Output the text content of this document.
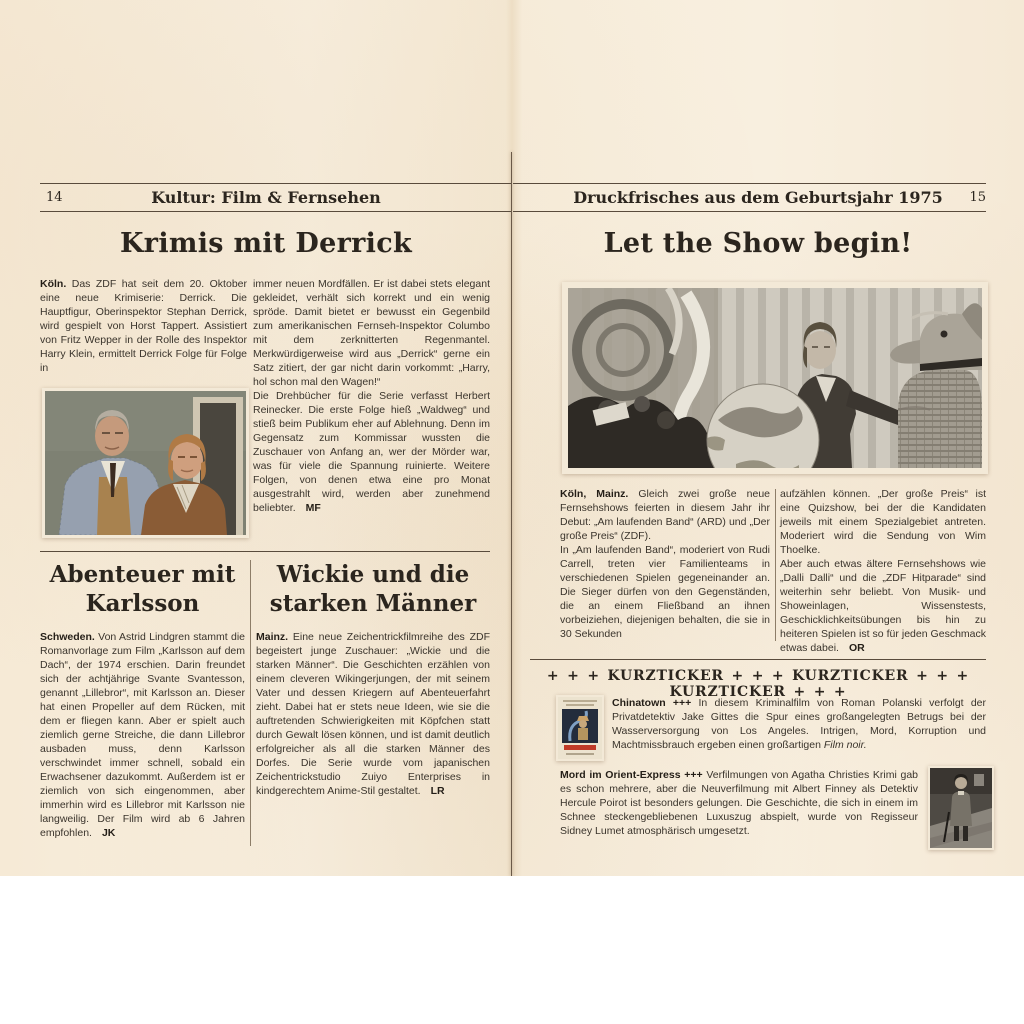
14	Kultur: Film & Fernsehen	Druckfrisches aus dem Geburtsjahr 1975	15
Krimis mit Derrick

Köln. Das ZDF hat seit dem 20. Oktober eine neue Krimiserie: Derrick. Die Hauptfigur, Oberinspektor Stephan Derrick, wird gespielt von Horst Tappert. Assistiert von Fritz Wepper in der Rolle des Inspektor Harry Klein, ermittelt Derrick Folge für Folge in

immer neuen Mordfällen. Er ist dabei stets elegant gekleidet, verhält sich korrekt und ein wenig spröde. Damit bietet er bewusst ein Gegenbild zum amerikanischen Fernseh-Inspektor Columbo mit dem zerknitterten Regenmantel. Merkwürdigerweise wird aus „Derrick“ gerne ein Satz zitiert, der gar nicht darin vorkommt: „Harry, hol schon mal den Wagen!“

Die Drehbücher für die Serie verfasst Herbert Reinecker. Die erste Folge hieß „Waldweg“ und stieß beim Publikum eher auf Ablehnung. Denn im Gegensatz zum Kommissar wussten die Zuschauer von Anfang an, wer der Mörder war, was für viele die Spannung ruinierte. Weitere Folgen, von denen etwa eine pro Monat ausgestrahlt wird, werden aber zunehmend beliebter. MF

Abenteuer mit Karlsson

Schweden. Von Astrid Lindgren stammt die Romanvorlage zum Film „Karlsson auf dem Dach“, der 1974 erschien. Darin freundet sich der achtjährige Svante Svantesson, genannt „Lillebror“, mit Karlsson an. Dieser hat einen Propeller auf dem Rücken, mit dem er fliegen kann. Aber er spielt auch ziemlich gerne Streiche, die dann Lillebror ausbaden muss, denn Karlsson verschwindet immer schnell, sobald ein Erwachsener dazukommt. Außerdem ist er ziemlich von sich eingenommen, aber immerhin wird es Lillebror mit Karlsson nie langweilig. Der Film wird ab 6 Jahren empfohlen. JK

Wickie und die starken Männer

Mainz. Eine neue Zeichentrickfilmreihe des ZDF begeistert junge Zuschauer: „Wickie und die starken Männer“. Die Geschichten erzählen von einem cleveren Wikingerjungen, der mit seinem Vater und dessen Kriegern auf Abenteuerfahrt zieht. Dabei hat er stets neue Ideen, wie sie die auftretenden Schwierigkeiten mit Köpfchen statt durch Gewalt lösen können, und ist damit deutlich erfolgreicher als all die starken Männer des Dorfes. Die Serie wurde vom japanischen Zeichentrickstudio Zuiyo Enterprises in kindgerechtem Anime-Stil gestaltet. LR

Let the Show begin!

Köln, Mainz. Gleich zwei große neue Fernsehshows feierten in diesem Jahr ihr Debut: „Am laufenden Band“ (ARD) und „Der große Preis“ (ZDF).

In „Am laufenden Band“, moderiert von Rudi Carrell, treten vier Familienteams in verschiedenen Spielen gegeneinander an. Die Sieger dürfen von den Gegenständen, die an einem Fließband an ihnen vorbeiziehen, diejenigen behalten, die sie in 30 Sekunden

aufzählen können. „Der große Preis“ ist eine Quizshow, bei der die Kandidaten jeweils mit einem Spezialgebiet antreten. Moderiert wird die Sendung von Wim Thoelke.

Aber auch etwas ältere Fernsehshows wie „Dalli Dalli“ und die „ZDF Hitparade“ sind weiterhin sehr beliebt. Von Musik- und Showeinlagen, Wissenstests, Geschicklichkeitsübungen bis hin zu heiteren Spielen ist so für jeden Geschmack etwas dabei. OR

+ + + KURZTICKER + + + KURZTICKER + + + KURZTICKER + + +
Chinatown +++ In diesem Kriminalfilm von Roman Polanski verfolgt der Privatdetektiv Jake Gittes die Spur eines großangelegten Betrugs bei der Wasserversorgung von Los Angeles. Intrigen, Mord, Korruption und Machtmissbrauch ergeben einen großartigen Film noir.
Mord im Orient-Express +++ Verfilmungen von Agatha Christies Krimi gab es schon mehrere, aber die Neuverfilmung mit Albert Finney als Detektiv Hercule Poirot ist besonders gelungen. Die Geschichte, die sich in einem im Schnee steckengebliebenen Luxuszug abspielt, wurde von Regisseur Sidney Lumet atmosphärisch umgesetzt.
